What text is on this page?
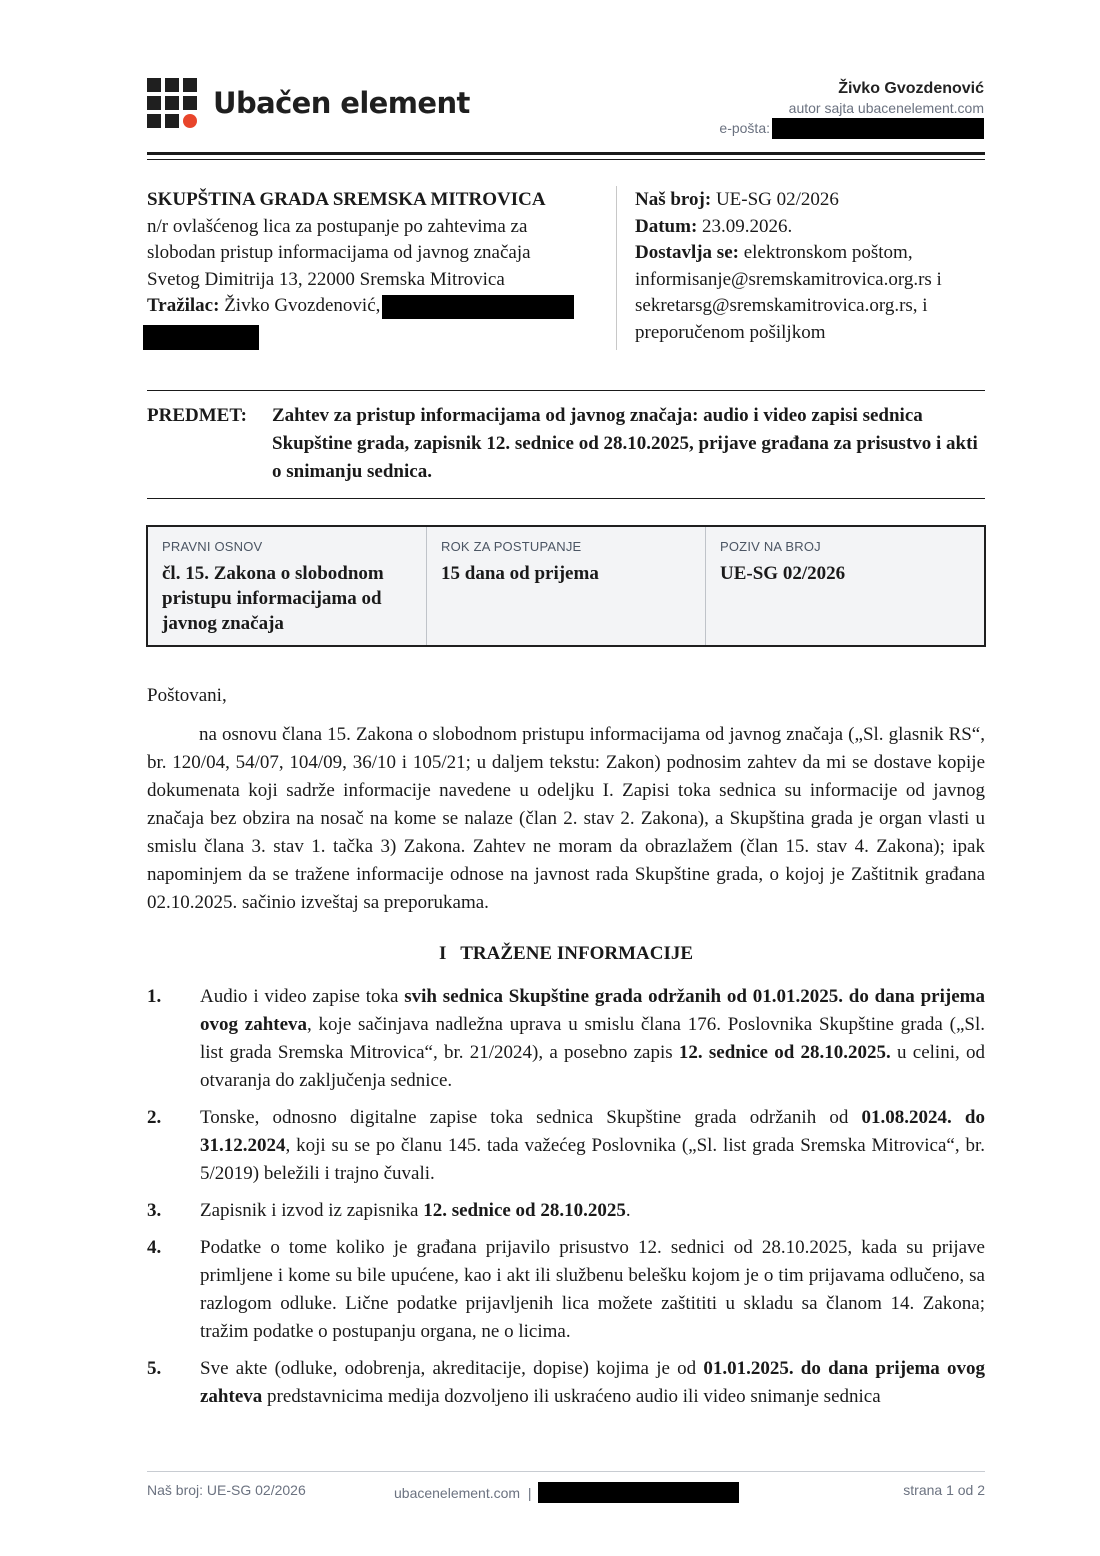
Ubačen element	Živko Gvozdenović
autor sajta ubacenelement.com
e-pošta:
SKUPŠTINA GRADA SREMSKA MITROVICA
n/r ovlašćenog lica za postupanje po zahtevima za
slobodan pristup informacijama od javnog značaja
Svetog Dimitrija 13, 22000 Sremska Mitrovica
Tražilac: Živko Gvozdenović,
Naš broj: UE-SG 02/2026
Datum: 23.09.2026.
Dostavlja se: elektronskom poštom,
informisanje@sremskamitrovica.org.rs i
sekretarsg@sremskamitrovica.org.rs, i
preporučenom pošiljkom
PREDMET:	Zahtev za pristup informacijama od javnog značaja: audio i video zapisi sednica Skupštine grada, zapisnik 12. sednice od 28.10.2025, prijave građana za prisustvo i akti o snimanju sednica.
PRAVNI OSNOV
čl. 15. Zakona o slobodnom pristupu informacijama od javnog značaja
ROK ZA POSTUPANJE
15 dana od prijema
POZIV NA BROJ
UE-SG 02/2026
Poštovani,
na osnovu člana 15. Zakona o slobodnom pristupu informacijama od javnog značaja („Sl. glasnik RS“, br. 120/04, 54/07, 104/09, 36/10 i 105/21; u daljem tekstu: Zakon) podnosim zahtev da mi se dostave kopije dokumenata koji sadrže informacije navedene u odeljku I. Zapisi toka sednica su informacije od javnog značaja bez obzira na nosač na kome se nalaze (član 2. stav 2. Zakona), a Skupština grada je organ vlasti u smislu člana 3. stav 1. tačka 3) Zakona. Zahtev ne moram da obrazlažem (član 15. stav 4. Zakona); ipak napominjem da se tražene informacije odnose na javnost rada Skupštine grada, o kojoj je Zaštitnik građana 02.10.2025. sačinio izveštaj sa preporukama.
I   TRAŽENE INFORMACIJE
1.	Audio i video zapise toka svih sednica Skupštine grada održanih od 01.01.2025. do dana prijema ovog zahteva, koje sačinjava nadležna uprava u smislu člana 176. Poslovnika Skupštine grada („Sl. list grada Sremska Mitrovica“, br. 21/2024), a posebno zapis 12. sednice od 28.10.2025. u celini, od otvaranja do zaključenja sednice.
2.	Tonske, odnosno digitalne zapise toka sednica Skupštine grada održanih od 01.08.2024. do 31.12.2024, koji su se po članu 145. tada važećeg Poslovnika („Sl. list grada Sremska Mitrovica“, br. 5/2019) beležili i trajno čuvali.
3.	Zapisnik i izvod iz zapisnika 12. sednice od 28.10.2025.
4.	Podatke o tome koliko je građana prijavilo prisustvo 12. sednici od 28.10.2025, kada su prijave primljene i kome su bile upućene, kao i akt ili službenu belešku kojom je o tim prijavama odlučeno, sa razlogom odluke. Lične podatke prijavljenih lica možete zaštititi u skladu sa članom 14. Zakona; tražim podatke o postupanju organa, ne o licima.
5.	Sve akte (odluke, odobrenja, akreditacije, dopise) kojima je od 01.01.2025. do dana prijema ovog zahteva predstavnicima medija dozvoljeno ili uskraćeno audio ili video snimanje sednica
Naš broj: UE-SG 02/2026	ubacenelement.com  |	strana 1 od 2
